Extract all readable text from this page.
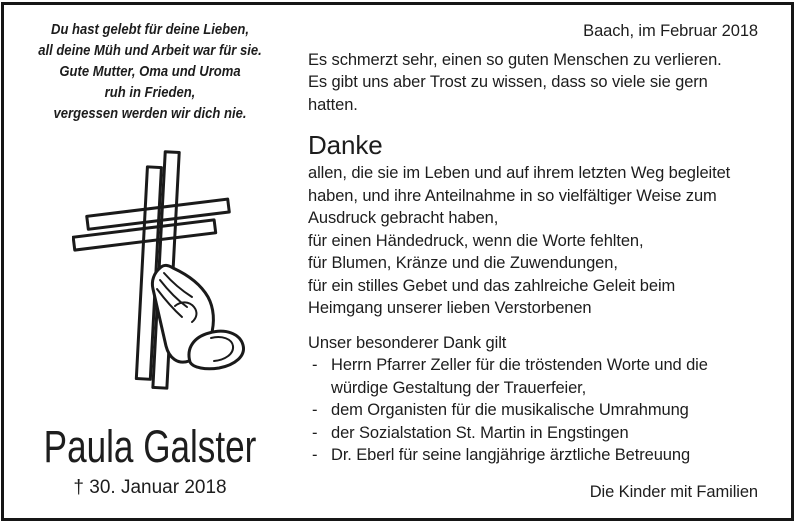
Du hast gelebt für deine Lieben,
all deine Müh und Arbeit war für sie.
Gute Mutter, Oma und Uroma
ruh in Frieden,
vergessen werden wir dich nie.
Paula Galster
† 30. Januar 2018
Baach, im Februar 2018
Es schmerzt sehr, einen so guten Menschen zu verlieren.
Es gibt uns aber Trost zu wissen, dass so viele sie gern
hatten.
Danke
allen, die sie im Leben und auf ihrem letzten Weg begleitet
haben, und ihre Anteilnahme in so vielfältiger Weise zum
Ausdruck gebracht haben,
für einen Händedruck, wenn die Worte fehlten,
für Blumen, Kränze und die Zuwendungen,
für ein stilles Gebet und das zahlreiche Geleit beim
Heimgang unserer lieben Verstorbenen
Unser besonderer Dank gilt
- Herrn Pfarrer Zeller für die tröstenden Worte und die
würdige Gestaltung der Trauerfeier,
- dem Organisten für die musikalische Umrahmung
- der Sozialstation St. Martin in Engstingen
- Dr. Eberl für seine langjährige ärztliche Betreuung
Die Kinder mit Familien
